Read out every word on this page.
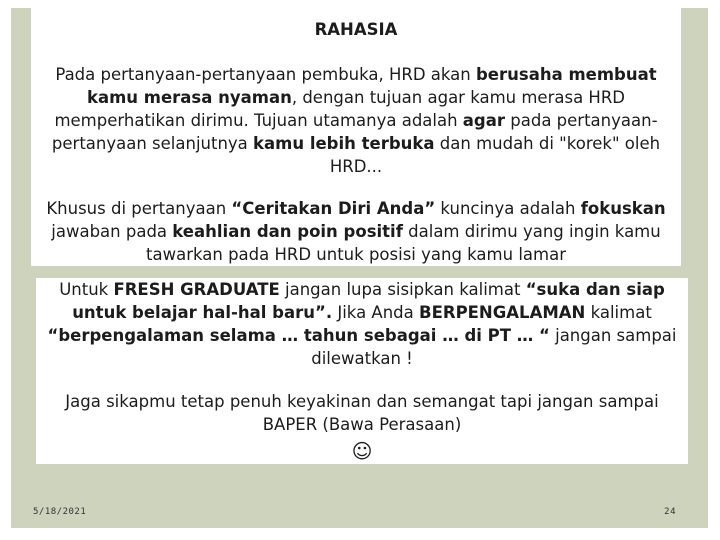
RAHASIA
Pada pertanyaan-pertanyaan pembuka, HRD akan berusaha membuat kamu merasa nyaman, dengan tujuan agar kamu merasa HRD memperhatikan dirimu. Tujuan utamanya adalah agar pada pertanyaan-pertanyaan selanjutnya kamu lebih terbuka dan mudah di "korek" oleh HRD...
Khusus di pertanyaan “Ceritakan Diri Anda” kuncinya adalah fokuskan jawaban pada keahlian dan poin positif dalam dirimu yang ingin kamu tawarkan pada HRD untuk posisi yang kamu lamar
Untuk FRESH GRADUATE jangan lupa sisipkan kalimat “suka dan siap untuk belajar hal-hal baru”. Jika Anda BERPENGALAMAN kalimat “berpengalaman selama … tahun sebagai … di PT … “ jangan sampai dilewatkan !
Jaga sikapmu tetap penuh keyakinan dan semangat tapi jangan sampai BAPER (Bawa Perasaan)
☺
5/18/2021	24
